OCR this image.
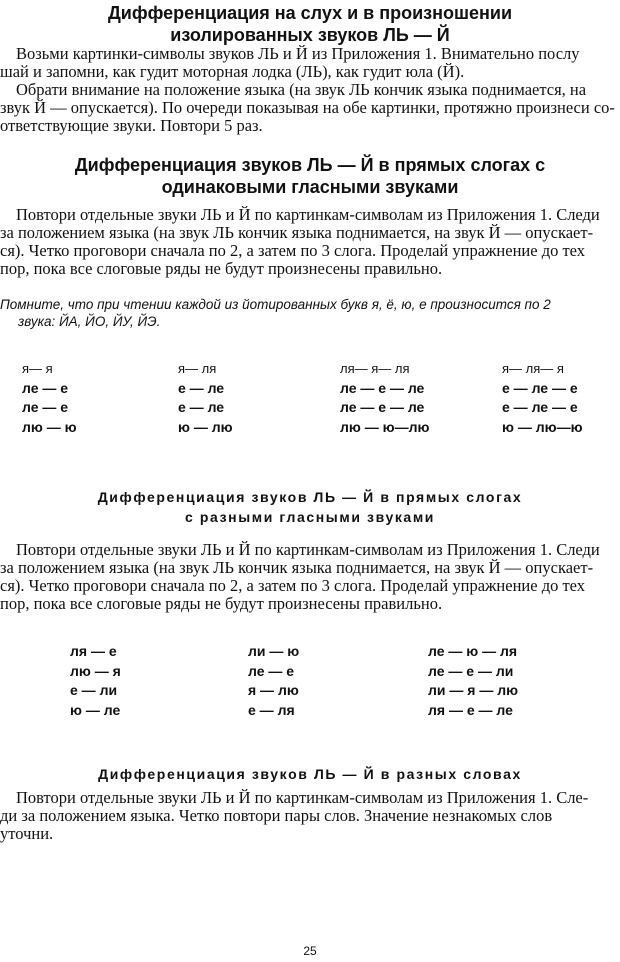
Дифференциация на слух и в произношении
изолированных звуков ЛЬ — Й
Возьми картинки-символы звуков ЛЬ и Й из Приложения 1. Внимательно послу
шай и запомни, как гудит моторная лодка (ЛЬ), как гудит юла (Й).
Обрати внимание на положение языка (на звук ЛЬ кончик языка поднимается, на
звук Й — опускается). По очереди показывая на обе картинки, протяжно произнеси со-
ответствующие звуки. Повтори 5 раз.
Дифференциация звуков ЛЬ — Й в прямых слогах с
одинаковыми гласными звуками
Повтори отдельные звуки ЛЬ и Й по картинкам-символам из Приложения 1. Следи
за положением языка (на звук ЛЬ кончик языка поднимается, на звук Й — опускает-
ся). Четко проговори сначала по 2, а затем по 3 слога. Проделай упражнение до тех
пор, пока все слоговые ряды не будут произнесены правильно.
Помните, что при чтении каждой из йотированных букв я, ё, ю, е произносится по 2
звука: ЙА, ЙО, ЙУ, ЙЭ.
я— я
ле — е
ле — е
лю — ю
я— ля
е — ле
е — ле
ю — лю
ля— я— ля
ле — е — ле
ле — е — ле
лю — ю—лю
я— ля— я
е — ле — е
е — ле — е
ю — лю—ю
Дифференциация звуков ЛЬ — Й в прямых слогах
с разными гласными звуками
Повтори отдельные звуки ЛЬ и Й по картинкам-символам из Приложения 1. Следи
за положением языка (на звук ЛЬ кончик языка поднимается, на звук Й — опускает-
ся). Четко проговори сначала по 2, а затем по 3 слога. Проделай упражнение до тех
пор, пока все слоговые ряды не будут произнесены правильно.
ля — е
лю — я
е — ли
ю — ле
ли — ю
ле — е
я — лю
е — ля
ле — ю — ля
ле — е — ли
ли — я — лю
ля — е — ле
Дифференциация звуков ЛЬ — Й в разных словах
Повтори отдельные звуки ЛЬ и Й по картинкам-символам из Приложения 1. Сле-
ди за положением языка. Четко повтори пары слов. Значение незнакомых слов
уточни.
25
